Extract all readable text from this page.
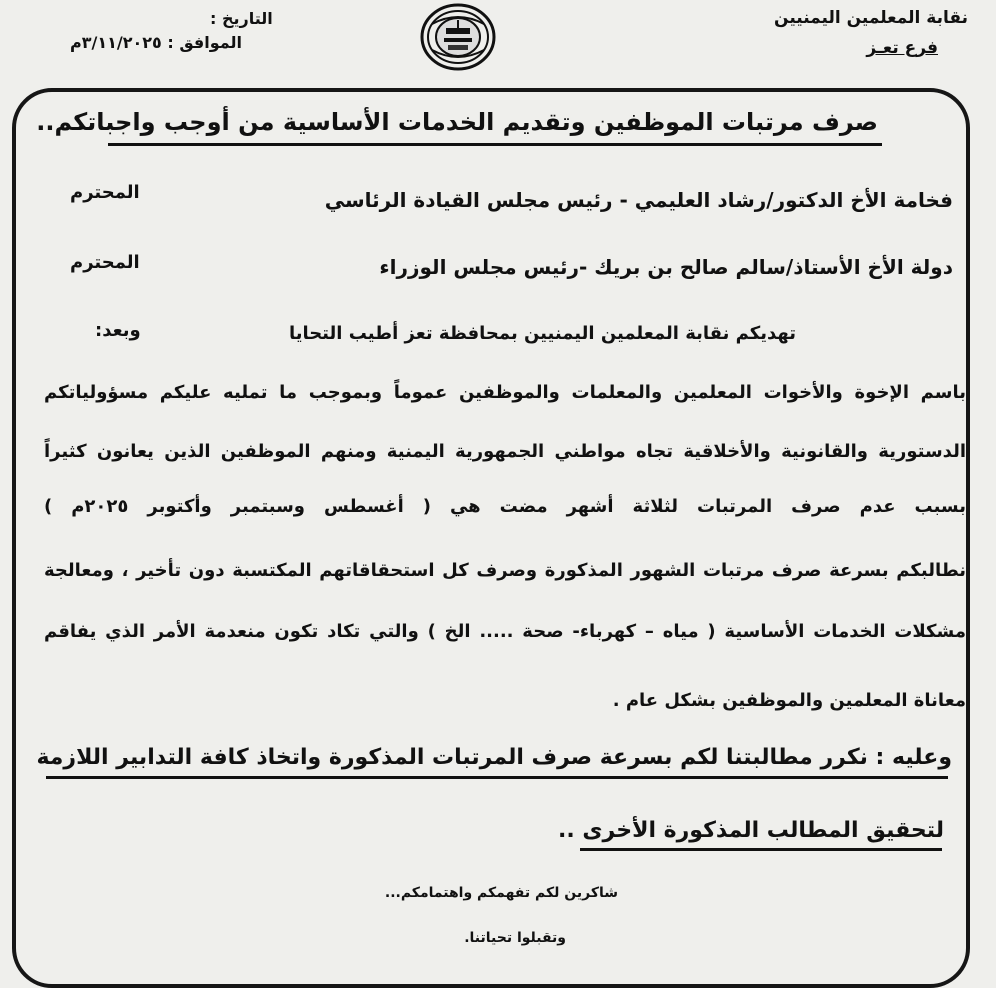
نقابة المعلمين اليمنيين
فرع تعـز
التاريخ :
الموافق : ٣/١١/٢٠٢٥م
صرف مرتبات الموظفين وتقديم الخدمات الأساسية من أوجب واجباتكم..
فخامة الأخ الدكتور/رشاد العليمي - رئيس مجلس القيادة الرئاسي
المحترم
دولة الأخ الأستاذ/سالم صالح بن بريك -رئيس مجلس الوزراء
المحترم
تهديكم نقابة المعلمين اليمنيين بمحافظة تعز أطيب التحايا
وبعد:
باسم الإخوة والأخوات المعلمين والمعلمات والموظفين عموماً وبموجب ما تمليه عليكم مسؤولياتكم
الدستورية والقانونية والأخلاقية تجاه مواطني الجمهورية اليمنية ومنهم الموظفين الذين يعانون كثيراً
بسبب عدم صرف المرتبات لثلاثة أشهر مضت هي ( أغسطس وسبتمبر وأكتوبر ٢٠٢٥م )
نطالبكم بسرعة صرف مرتبات الشهور المذكورة وصرف كل استحقاقاتهم المكتسبة دون تأخير ، ومعالجة
مشكلات الخدمات الأساسية ( مياه – كهرباء- صحة ..... الخ ) والتي تكاد تكون منعدمة الأمر الذي يفاقم
معاناة المعلمين والموظفين بشكل عام .
وعليه : نكرر مطالبتنا لكم بسرعة صرف المرتبات المذكورة واتخاذ كافة التدابير اللازمة
لتحقيق المطالب المذكورة الأخرى ..
شاكرين لكم تفهمكم واهتمامكم...
وتقبلوا تحياتنا.
